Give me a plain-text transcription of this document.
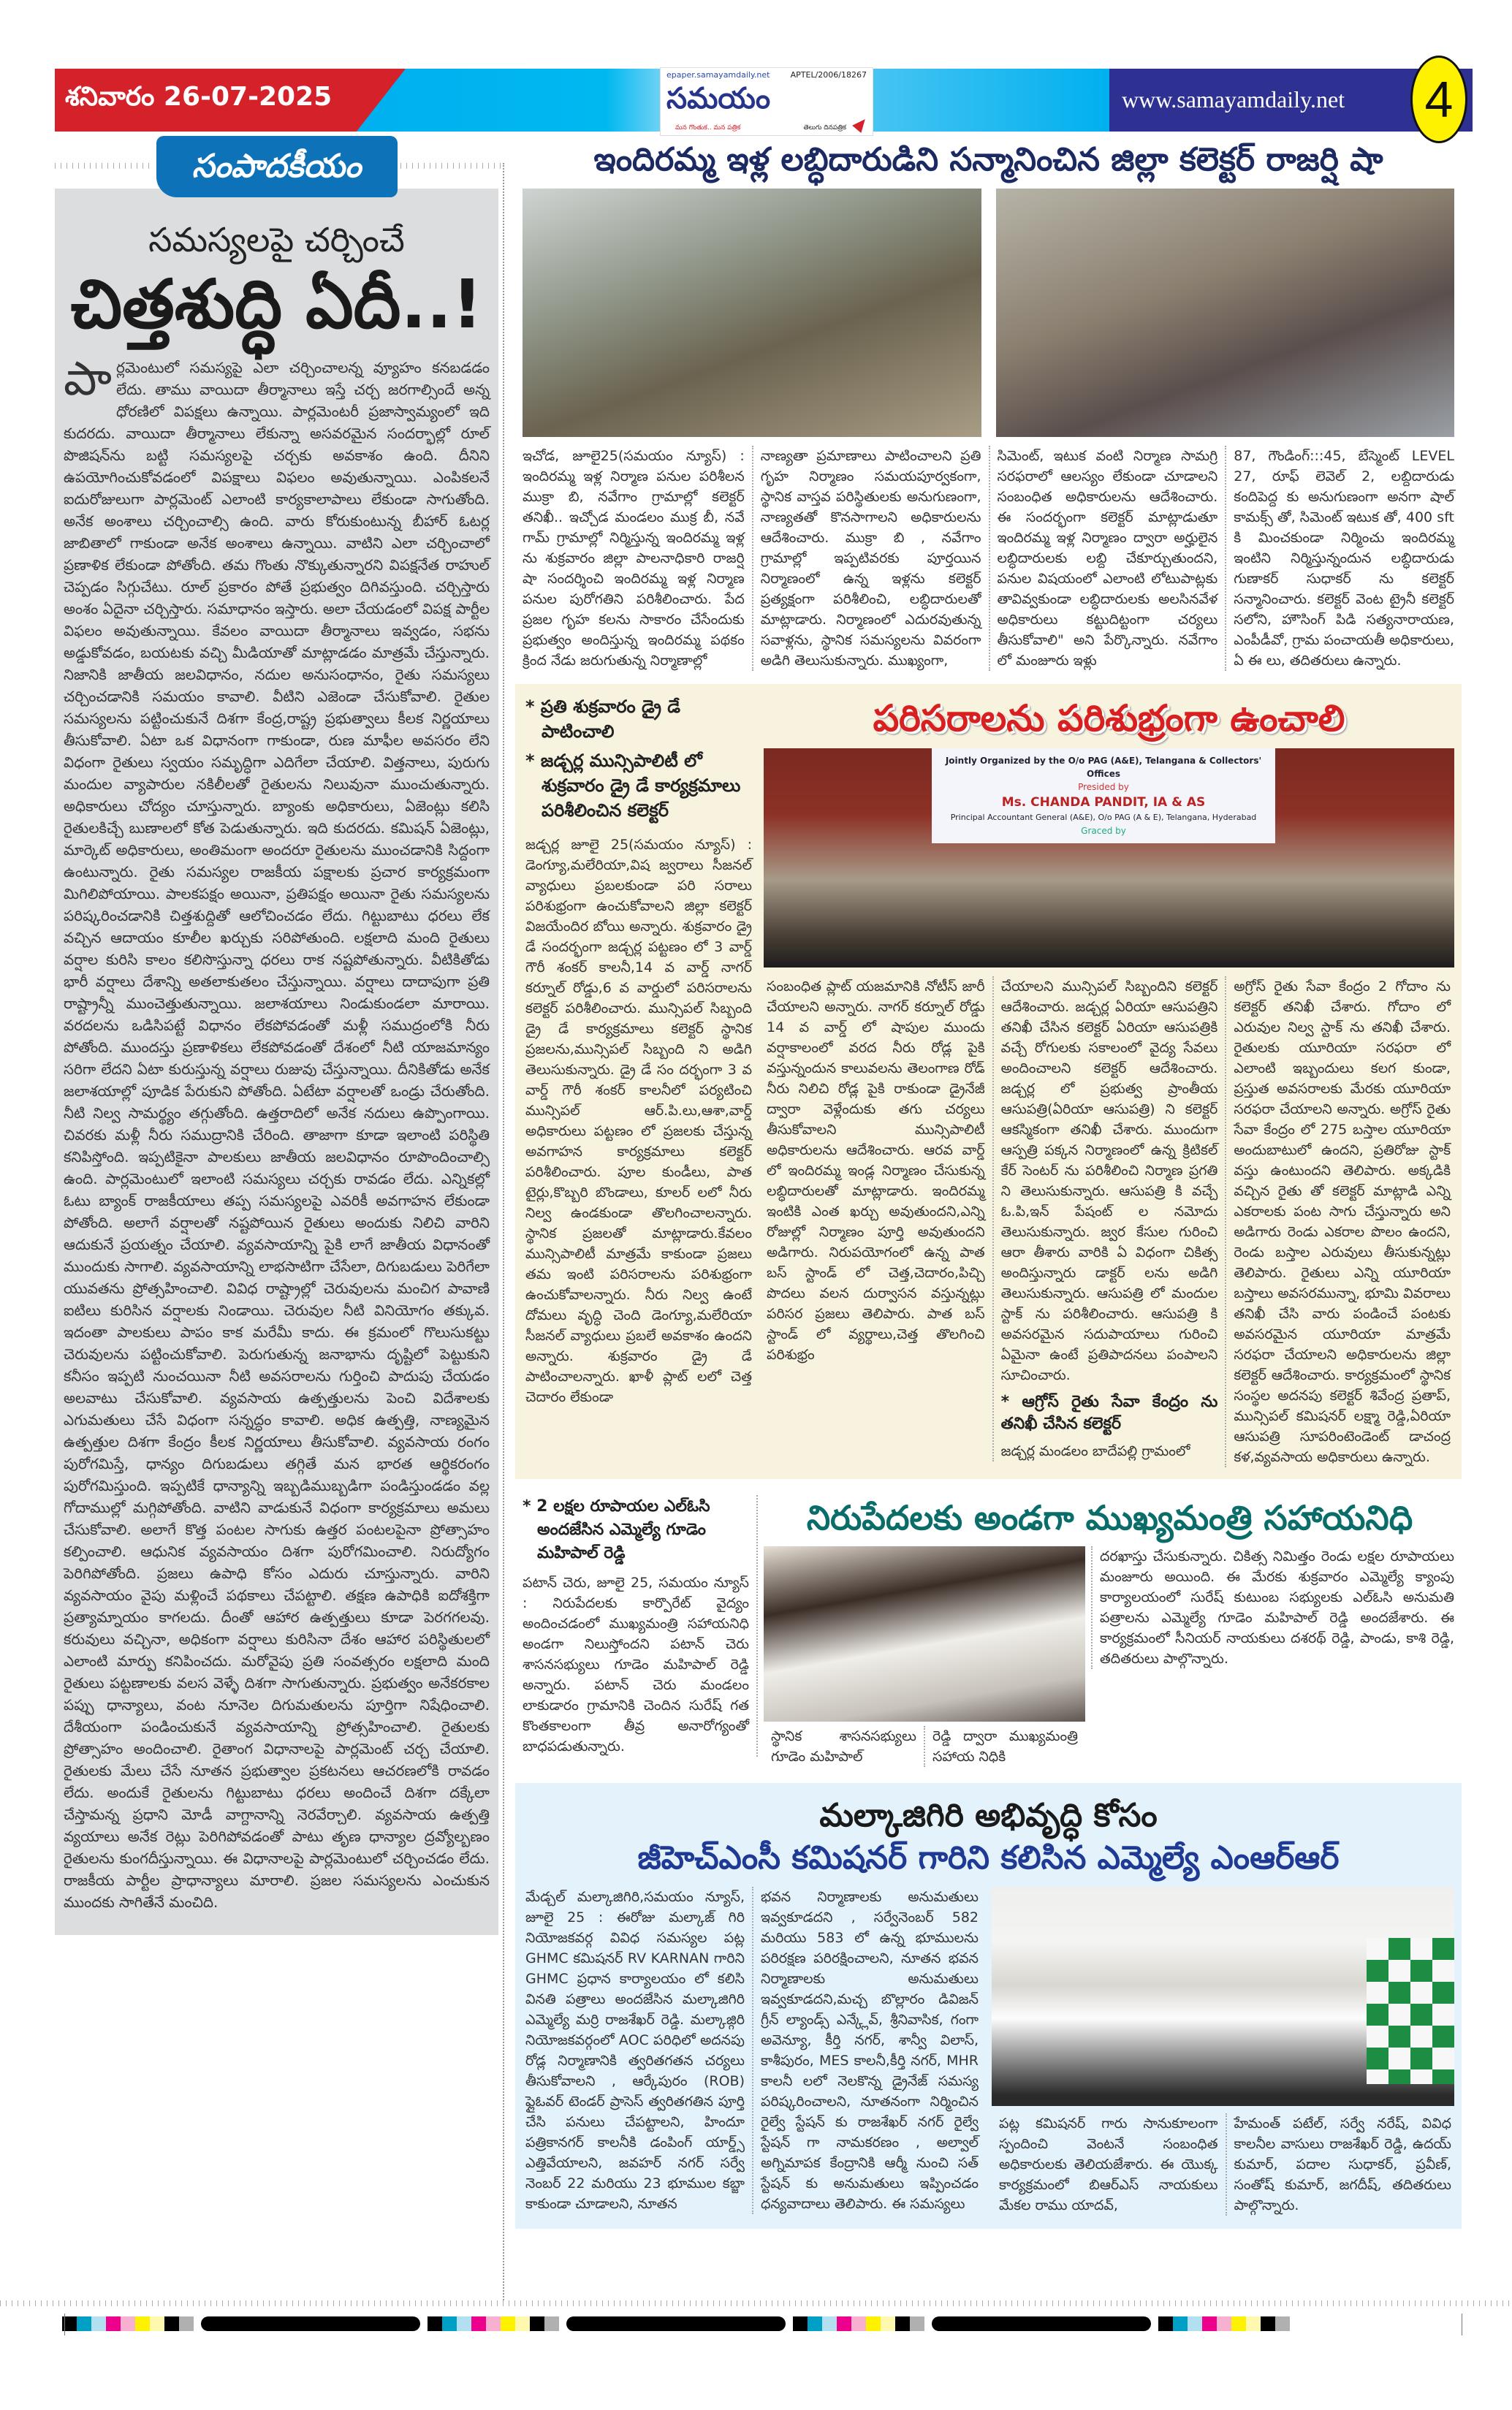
శనివారం 26-07-2025
epaper.samayamdaily.net	APTEL/2006/18267
సమయం
మన గొంతుక.. మన పత్రిక	తెలుగు దినపత్రిక
www.samayamdaily.net 4
సంపాదకీయం
సమస్యలపై చర్చించే
చిత్తశుద్ధి ఏదీ..!
పార్లమెంటులో సమస్యపై ఎలా చర్చించాలన్న వ్యూహం కనబడడం లేదు. తాము వాయిదా తీర్మానాలు ఇస్తే చర్చ జరగాల్సిందే అన్న ధోరణిలో విపక్షలు ఉన్నాయి. పార్లమెంటరీ ప్రజాస్వామ్యంలో ఇది కుదరదు. వాయిదా తీర్మానాలు లేకున్నా అసవరమైన సందర్భాల్లో రూల్ పొజిషన్‌ను బట్టి సమస్యలపై చర్చకు అవకాశం ఉంది. దీనిని ఉపయోగించుకోవడంలో విపక్షాలు విఫలం అవుతున్నాయి. ఎంపికలనే ఐదురోజులుగా పార్లమెంట్ ఎలాంటి కార్యకాలాపాలు లేకుండా సాగుతోంది. అనేక అంశాలు చర్చించాల్సి ఉంది. వారు కోరుకుంటున్న బీహార్ ఓటర్ల జాబితాలో గాకుండా అనేక అంశాలు ఉన్నాయి. వాటిని ఎలా చర్చించాలో ప్రణాళిక లేకుండా పోతోంది. తమ గొంతు నొక్కుతున్నారని విపక్షనేత రాహుల్ చెప్పడం సిగ్గుచేటు. రూల్ ప్రకారం పోతే ప్రభుత్వం దిగివస్తుంది. చర్చిస్తారు అంశం ఏదైనా చర్చిస్తారు. సమాధానం ఇస్తారు. అలా చేయడంలో విపక్ష పార్టీల విఫలం అవుతున్నాయి. కేవలం వాయిదా తీర్మానాలు ఇవ్వడం, సభను అడ్డుకోవడం, బయటకు వచ్చి మీడియాతో మాట్లాడడం మాత్రమే చేస్తున్నారు. నిజానికి జాతీయ జలవిధానం, నదుల అనుసంధానం, రైతు సమస్యలు చర్చించడానికి సమయం కావాలి. వీటిని ఎజెండా చేసుకోవాలి. రైతుల సమస్యలను పట్టించుకునే దిశగా కేంద్ర,రాష్ట్ర ప్రభుత్వాలు కీలక నిర్ణయాలు తీసుకోవాలి. ఏటా ఒక విధానంగా గాకుండా, రుణ మాఫీల అవసరం లేని విధంగా రైతులు స్వయం సమృద్ధిగా ఎదిగేలా చేయాలి. విత్తనాలు, పురుగు మందుల వ్యాపారుల నకిలీలతో రైతులను నిలువునా ముంచుతున్నారు. అధికారులు చోద్యం చూస్తున్నారు. బ్యాంకు అధికారులు, ఏజెంట్లు కలిసి రైతులకిచ్చే బుణాలలో కోత పెడుతున్నారు. ఇది కుదరదు. కమిషన్ ఏజెంట్లు, మార్కెట్ అధికారులు, అంతిమంగా అందరూ రైతులను ముంచడానికి సిద్దంగా ఉంటున్నారు. రైతు సమస్యల రాజకీయ పక్షాలకు ప్రచార కార్యక్రమంగా మిగిలిపోయాయి. పాలకపక్షం అయినా, ప్రతిపక్షం అయినా రైతు సమస్యలను పరిష్కరించడానికి చిత్తశుద్దితో ఆలోచించడం లేదు. గిట్టుబాటు ధరలు లేక వచ్చిన ఆదాయం కూలీల ఖర్చుకు సరిపోతుంది. లక్షలాది మంది రైతులు వర్షాల కురిసి కాలం కలిసొస్తున్నా ధరలు రాక నష్టపోతున్నారు. వీటికితోడు భారీ వర్షాలు దేశాన్ని అతలాకుతలం చేస్తున్నాయి. వర్షాలు దాదాపుగా ప్రతి రాష్ట్రాన్నీ ముంచెత్తుతున్నాయి. జలాశయాలు నిండుకుండలా మారాయి. వరదలను ఒడిసిపట్టే విధానం లేకపోవడంతో మళ్లీ సముద్రంలోకి నీరు పోతోంది. ముందస్తు ప్రణాళికలు లేకపోవడంతో దేశంలో నీటి యాజమాన్యం సరిగా లేదని ఏటా కురుస్తున్న వర్షాలు రుజువు చేస్తున్నాయి. దీనికితోడు అనేక జలాశయాల్లో పూడిక పేరుకుని పోతోంది. ఏటేటా వర్షాలతో ఒండ్రు చేరుతోంది. నీటి నిల్వ సామర్థ్యం తగ్గుతోంది. ఉత్తరాదిలో అనేక నదులు ఉప్పొంగాయి. చివరకు మళ్లీ నీరు సముద్రానికి చేరింది. తాజాగా కూడా ఇలాంటి పరిస్థితి కనిపిస్తోంది. ఇప్పటికైనా పాలకులు జాతీయ జలవిధానం రూపొందించాల్సి ఉంది. పార్లమెంటులో ఇలాంటి సమస్యలు చర్చకు రావడం లేదు. ఎన్నికల్లో ఓటు బ్యాంక్ రాజకీయాలు తప్ప సమస్యలపై ఎవరికీ అవగాహన లేకుండా పోతోంది. అలాగే వర్షాలతో నష్టపోయిన రైతులు అందుకు నిలిచి వారిని ఆదుకునే ప్రయత్నం చేయాలి. వ్యవసాయాన్ని పైకి లాగే జాతీయ విధానంతో ముందుకు సాగాలి. వ్యవసాయాన్ని లాభసాటిగా చేసేలా, దిగుబడులు పెరిగేలా యువతను ప్రోత్సహించాలి. వివిధ రాష్ట్రాల్లో చెరువులను మంచిగ పావాణి ఐటిలు కురిసిన వర్షాలకు నిండాయి. చెరువుల నీటి వినియోగం తక్కువ. ఇదంతా పాలకులు పాపం కాక మరేమీ కాదు. ఈ క్రమంలో గొలుసుకట్టు చెరువులను పట్టించుకోవాలి. పెరుగుతున్న జనాభాను దృష్టిలో పెట్టుకుని కనీసం ఇప్పటి నుంచయినా నీటి అవసరాలను గుర్తించి పాదుపు చేయడం అలవాటు చేసుకోవాలి. వ్యవసాయ ఉత్పత్తులను పెంచి విదేశాలకు ఎగుమతులు చేసే విధంగా సన్నద్ధం కావాలి. అధిక ఉత్పత్తి, నాణ్యమైన ఉత్పత్తుల దిశగా కేంద్రం కీలక నిర్ణయాలు తీసుకోవాలి. వ్యవసాయ రంగం పురోగమిస్తే, ధాన్యం దిగుబడులు తగ్గితే మన భారత ఆర్థికరంగం పురోగమిస్తుంది. ఇప్పటికే ధాన్యాన్ని ఇబ్బడిముబ్బడిగా పండిస్తుండడం వల్ల గోదాముల్లో మగ్గిపోతోంది. వాటిని వాడుకునే విధంగా కార్యక్రమాలు అమలు చేసుకోవాలి. అలాగే కొత్త పంటల సాగుకు ఉత్తర పంటలపైనా ప్రోత్సాహం కల్పించాలి. ఆధునిక వ్యవసాయం దిశగా పురోగమించాలి. నిరుద్యోగం పెరిగిపోతోంది. ప్రజలు ఉపాధి కోసం ఎదురు చూస్తున్నారు. వారిని వ్యవసాయం వైపు మళ్లించే పథకాలు చేపట్టాలి. తక్షణ ఉపాధికి ఐదోశక్తిగా ప్రత్యామ్నాయం కాగలదు. దీంతో ఆహార ఉత్పత్తులు కూడా పెరగగలవు. కరువులు వచ్చినా, అధికంగా వర్షాలు కురిసినా దేశం ఆహార పరిస్థితులలో ఎలాంటి మార్పు కనిపించదు. మరోవైపు ప్రతి సంవత్సరం లక్షలాది మంది రైతులు పట్టణాలకు వలస వెళ్ళే దిశగా సాగుతున్నారు. ప్రభుత్వం అనేకరకాల పప్పు ధాన్యాలు, వంట నూనెల దిగుమతులను పూర్తిగా నిషేధించాలి. దేశీయంగా పండించుకునే వ్యవసాయాన్ని ప్రోత్సహించాలి. రైతులకు ప్రోత్సాహం అందించాలి. రైతాంగ విధానాలపై పార్లమెంట్ చర్చ చేయాలి. రైతులకు మేలు చేసే నూతన ప్రభుత్వాల ప్రకటనలు ఆచరణలోకి రావడం లేదు. అందుకే రైతులను గిట్టుబాటు ధరలు అందించే దిశగా దక్కేలా చేస్తామన్న ప్రధాని మోడీ వాగ్దానాన్ని నెరవేర్చాలి. వ్యవసాయ ఉత్పత్తి వ్యయాలు అనేక రెట్లు పెరిగిపోవడంతో పాటు తృణ ధాన్యాల ద్రవ్యోల్బణం రైతులను కుంగదీస్తున్నాయి. ఈ విధానాలపై పార్లమెంటులో చర్చించడం లేదు. రాజకీయ పార్టీల ప్రాధాన్యాలు మారాలి. ప్రజల సమస్యలను ఎంచుకున ముందకు సాగితేనే మంచిది.
ఇందిరమ్మ ఇళ్ల లబ్ధిదారుడిని సన్మానించిన జిల్లా కలెక్టర్ రాజర్షి షా
ఇచోడ, జూలై25(సమయం న్యూస్) : ఇందిరమ్మ ఇళ్ల నిర్మాణ పనుల పరిశీలన ముక్రా బి, నవేగాం గ్రామాల్లో కలెక్టర్ తనిఖీ.. ఇచ్చోడ మండలం ముక్ర బీ, నవే గామ్ గ్రామాల్లో నిర్మిస్తున్న ఇందిరమ్మ ఇళ్ల ను శుక్రవారం జిల్లా పాలనాధికారి రాజర్షి షా సందర్శించి ఇందిరమ్మ ఇళ్ల నిర్మాణ పనుల పురోగతిని పరిశీలించారు. పేద ప్రజల గృహ కలను సాకారం చేసేందుకు ప్రభుత్వం అందిస్తున్న ఇందిరమ్మ పథకం క్రింద నేడు జరుగుతున్న నిర్మాణాల్లో
నాణ్యతా ప్రమాణాలు పాటించాలని ప్రతి గృహ నిర్మాణం సమయపూర్వకంగా, స్థానిక వాస్తవ పరిస్థితులకు అనుగుణంగా, నాణ్యతతో కొనసాగాలని అధికారులను ఆదేశించారు. ముక్రా బి , నవేగాం గ్రామాల్లో ఇప్పటివరకు పూర్తయిన నిర్మాణంలో ఉన్న ఇళ్లను కలెక్టర్ ప్రత్యక్షంగా పరిశీలించి, లబ్ధిదారులతో మాట్లాడారు. నిర్మాణంలో ఎదురవుతున్న సవాళ్లను, స్థానిక సమస్యలను వివరంగా అడిగి తెలుసుకున్నారు. ముఖ్యంగా,
సిమెంట్, ఇటుక వంటి నిర్మాణ సామగ్రి సరఫరాలో ఆలస్యం లేకుండా చూడాలని సంబంధిత అధికారులను ఆదేశించారు. ఈ సందర్భంగా కలెక్టర్ మాట్లాడుతూ ఇందిరమ్మ ఇళ్ల నిర్మాణం ద్వారా అర్హులైన లబ్ధిదారులకు లబ్ది చేకూర్చుతుందని, పనుల విషయంలో ఎలాంటి లోటుపాట్లకు తావివ్వకుండా లబ్ధిదారులకు అలసినవేళ అధికారులు కట్టుదిట్టంగా చర్యలు తీసుకోవాలి" అని పేర్కొన్నారు. నవేగాం లో మంజూరు ఇళ్లు
87, గౌండింగ్:::45, బేస్మెంట్ LEVEL 27, రూఫ్ లెవెల్ 2, లబ్దిదారుడు కందిపెద్ద కు అనుగుణంగా అనగా షాల్ కామక్స్ తో, సిమెంట్ ఇటుక తో, 400 sft కి మించకుండా నిర్మించు ఇందిరమ్మ ఇంటిని నిర్మిస్తున్నందున లబ్ధిదారుడు గుణాకర్ సుధాకర్ ను కలెక్టర్ సన్మానించారు. కలెక్టర్ వెంట ట్రైనీ కలెక్టర్ సలోని, హౌసింగ్ పిడి సత్యనారాయణ, ఎంపీడీవో, గ్రామ పంచాయతీ అధికారులు, ఏ ఈ లు, తదితరులు ఉన్నారు.
* ప్రతి శుక్రవారం డ్రై డే పాటించాలి
* జడ్చర్ల మున్సిపాలిటీ లో శుక్రవారం డ్రై డే కార్యక్రమాలు పరిశీలించిన కలెక్టర్
జడ్చర్ల జూలై 25(సమయం న్యూస్) : డెంగ్యూ,మలేరియా,విష జ్వరాలు సీజనల్ వ్యాధులు ప్రబలకుండా పరి సరాలు పరిశుభ్రంగా ఉంచుకోవాలని జిల్లా కలెక్టర్ విజయేందిర బోయి అన్నారు. శుక్రవారం డ్రై డే సందర్భంగా జడ్చర్ల పట్టణం లో 3 వార్డ్ గౌరీ శంకర్ కాలనీ,14 వ వార్డ్ నాగర్ కర్నూల్ రోడ్డు,6 వ వార్డులో పరిసరాలను కలెక్టర్ పరిశీలించారు. మున్సిపల్ సిబ్బంది డ్రై డే కార్యక్రమాలు కలెక్టర్ స్థానిక ప్రజలను,మున్సిపల్ సిబ్బంది ని అడిగి తెలుసుకున్నారు. డ్రై డే సం దర్భంగా 3 వ వార్డ్ గౌరీ శంకర్ కాలనీలో పర్యటించి మున్సిపల్ ఆర్.పి.లు,ఆశా,వార్డ్ అధికారులు పట్టణం లో ప్రజలకు చేస్తున్న అవగాహన కార్యక్రమాలు కలెక్టర్ పరిశీలించారు. పూల కుండీలు, పాత టైర్లు,కొబ్బరి బొండాలు, కూలర్ లలో నీరు నిల్వ ఉండకుండా తొలగించాలన్నారు. స్థానిక ప్రజలతో మాట్లాడారు.కేవలం మున్సిపాలిటీ మాత్రమే కాకుండా ప్రజలు తమ ఇంటి పరిసరాలను పరిశుభ్రంగా ఉంచుకోవాలన్నారు. నీరు నిల్వ ఉంటే దోమలు వృద్ధి చెంది డెంగ్యూ,మలేరియా సీజనల్ వ్యాధులు ప్రబలే అవకాశం ఉందని అన్నారు. శుక్రవారం డ్రై డే పాటించాలన్నారు. ఖాళీ ప్లాట్ లలో చెత్త చెదారం లేకుండా
పరిసరాలను పరిశుభ్రంగా ఉంచాలి
Jointly Organized by the O/o PAG (A&E), Telangana & Collectors' Offices
Presided by
Ms. CHANDA PANDIT, IA & AS
Principal Accountant General (A&E), O/o PAG (A & E), Telangana, Hyderabad
Graced by
సంబంధిత ప్లాట్ యజమానికి నోటీస్ జారీ చేయాలని అన్నారు. నాగర్ కర్నూల్ రోడ్డు 14 వ వార్డ్ లో షాపుల ముందు వర్షాకాలంలో వరద నీరు రోడ్ల పైకి వస్తున్నందున కాలువలను తెలంగాణ రోడ్ నీరు నిలిచి రోడ్ల పైకి రాకుండా డ్రైనేజీ ద్వారా వెళ్లేందుకు తగు చర్యలు తీసుకోవాలని మున్సిపాలిటీ అధికారులను ఆదేశించారు. ఆరవ వార్డ్ లో ఇందిరమ్మ ఇండ్ల నిర్మాణం చేసుకున్న లబ్ధిదారులతో మాట్లాడారు. ఇందిరమ్మ ఇంటికి ఎంత ఖర్చు అవుతుందని,ఎన్ని రోజుల్లో నిర్మాణం పూర్తి అవుతుందని అడిగారు. నిరుపయోగంలో ఉన్న పాత బస్ స్టాండ్ లో చెత్త,చెదారం,పిచ్చి పొదలు వలన దుర్వాసన వస్తున్నట్లు పరిసర ప్రజలు తెలిపారు. పాత బస్ స్టాండ్ లో వ్యర్థాలు,చెత్త తొలగించి పరిశుభ్రం
చేయాలని మున్సిపల్ సిబ్బందిని కలెక్టర్ ఆదేశించారు. జడ్చర్ల ఏరియా ఆసుపత్రిని తనిఖీ చేసిన కలెక్టర్ ఏరియా ఆసుపత్రికి వచ్చే రోగులకు సకాలంలో వైద్య సేవలు అందించాలని కలెక్టర్ ఆదేశించారు. జడ్చర్ల లో ప్రభుత్వ ప్రాంతీయ ఆసుపత్రి(ఏరియా ఆసుపత్రి) ని కలెక్టర్ ఆకస్మికంగా తనిఖీ చేశారు. ముందుగా ఆస్పత్రి పక్కన నిర్మాణంలో ఉన్న క్రిటికల్ కేర్ సెంటర్ ను పరిశీలించి నిర్మాణ ప్రగతి ని తెలుసుకున్నారు. ఆసుపత్రి కి వచ్చే ఓ.పి,ఇన్ పేషంట్ ల నమోదు తెలుసుకున్నారు. జ్వర కేసుల గురించి ఆరా తీశారు వారికి ఏ విధంగా చికిత్స అందిస్తున్నారు డాక్టర్ లను అడిగి తెలుసుకున్నారు. ఆసుపత్రి లో మందుల స్టాక్ ను పరిశీలించారు. ఆసుపత్రి కి అవసరమైన సదుపాయాలు గురించి ఏమైనా ఉంటే ప్రతిపాదనలు పంపాలని సూచించారు.
* ఆగ్రోస్ రైతు సేవా కేంద్రం ను తనిఖీ చేసిన కలెక్టర్
జడ్చర్ల మండలం బాదేపల్లి గ్రామంలో
అగ్రోస్ రైతు సేవా కేంద్రం 2 గోదాం ను కలెక్టర్ తనిఖీ చేశారు. గోదాం లో ఎరువుల నిల్వ స్టాక్ ను తనిఖీ చేశారు. రైతులకు యూరియా సరఫరా లో ఎలాంటి ఇబ్బందులు కలగ కుండా, ప్రస్తుత అవసరాలకు మేరకు యూరియా సరఫరా చేయాలని అన్నారు. అగ్రోస్ రైతు సేవా కేంద్రం లో 275 బస్తాల యూరియా అందుబాటులో ఉందని, ప్రతిరోజు స్టాక్ వస్తు ఉంటుందని తెలిపారు. అక్కడికి వచ్చిన రైతు తో కలెక్టర్ మాట్లాడి ఎన్ని ఎకరాలకు పంట సాగు చేస్తున్నారు అని అడిగారు రెండు ఎకరాల పొలం ఉందని, రెండు బస్తాల ఎరువులు తీసుకున్నట్లు తెలిపారు. రైతులు ఎన్ని యూరియా బస్తాలు అవసరమున్నా, భూమి వివరాలు తనిఖీ చేసి వారు పండించే పంటకు అవసరమైన యూరియా మాత్రమే సరఫరా చేయాలని అధికారులను జిల్లా కలెక్టర్ ఆదేశించారు. కార్యక్రమంలో స్థానిక సంస్థల అదనపు కలెక్టర్ శివేంద్ర ప్రతాప్, మున్సిపల్ కమిషనర్ లక్ష్మా రెడ్డి,ఏరియా ఆసుపత్రి సూపరింటెండెంట్ డాచంద్ర కళ,వ్యవసాయ అధికారులు ఉన్నారు.
* 2 లక్షల రూపాయల ఎల్‌ఓసి అందజేసిన ఎమ్మెల్యే గూడెం మహిపాల్ రెడ్డి
పటాన్ చెరు, జూలై 25, సమయం న్యూస్ : నిరుపేదలకు కార్పొరేట్ వైద్యం అందించడంలో ముఖ్యమంత్రి సహాయనిధి అండగా నిలుస్తోందని పటాన్ చెరు శాసనసభ్యులు గూడెం మహిపాల్ రెడ్డి అన్నారు. పటాన్ చెరు మండలం లాకుడారం గ్రామానికి చెందిన సురేష్ గత కొంతకాలంగా తీవ్ర అనారోగ్యంతో బాధపడుతున్నారు.
నిరుపేదలకు అండగా ముఖ్యమంత్రి సహాయనిధి
స్థానిక శాసనసభ్యులు గూడెం మహిపాల్
రెడ్డి ద్వారా ముఖ్యమంత్రి సహాయ నిధికి
దరఖాస్తు చేసుకున్నారు. చికిత్స నిమిత్తం రెండు లక్షల రూపాయలు మంజూరు అయింది. ఈ మేరకు శుక్రవారం ఎమ్మెల్యే క్యాంపు కార్యాలయంలో సురేష్ కుటుంబ సభ్యులకు ఎల్ఓసి అనుమతి పత్రాలను ఎమ్మెల్యే గూడెం మహిపాల్ రెడ్డి అందజేశారు. ఈ కార్యక్రమంలో సీనియర్ నాయకులు దశరథ్ రెడ్డి, పాండు, కాశి రెడ్డి, తదితరులు పాల్గొన్నారు.
మల్కాజిగిరి అభివృద్ధి కోసం
జీహెచ్ఎంసీ కమిషనర్ గారిని కలిసిన ఎమ్మెల్యే ఎంఆర్ఆర్
మేడ్చల్ మల్కాజిగిరి,సమయం న్యూస్, జూలై 25 : ఈరోజు మల్కాజ్ గిరి నియోజకవర్గ వివిధ సమస్యల పట్ల GHMC కమిషనర్ RV KARNAN గారిని GHMC ప్రధాన కార్యాలయం లో కలిసి వినతి పత్రాలు అందజేసిన మల్కాజిగిరి ఎమ్మెల్యే మర్రి రాజశేఖర్ రెడ్డి. మల్కాజ్గిరి నియోజకవర్గంలో AOC పరిధిలో అదనపు రోడ్ల నిర్మాణానికి త్వరితగతన చర్యలు తీసుకోవాలని , ఆర్కేపురం (ROB) ఫ్లైఓవర్ టెండర్ ప్రాసెస్ త్వరితగతిన పూర్తి చేసి పనులు చేపట్టాలని, హిందూ పత్రికానగర్ కాలనీకి డంపింగ్ యార్డ్స్ ఎత్తివేయాలని, జవహర్ నగర్ సర్వే నెంబర్ 22 మరియు 23 భూముల కబ్జా కాకుండా చూడాలని, నూతన
భవన నిర్మాణాలకు అనుమతులు ఇవ్వకూడదని , సర్వేనెంబర్ 582 మరియు 583 లో ఉన్న భూములను పరిరక్షణ పరిరక్షించాలని, నూతన భవన నిర్మాణాలకు అనుమతులు ఇవ్వకూడదని,మచ్చ బొల్లారం డివిజన్ గ్రీన్ ల్యాండ్స్ ఎన్క్లేవ్, శ్రీనివాసిక, గంగా అవెన్యూ, కీర్తి నగర్, శాన్వీ విలాస్, కాశీపురం, MES కాలనీ,కీర్తి నగర్, MHR కాలనీ లలో నెలకొన్న డ్రైనేజ్ సమస్య పరిష్కరించాలని, నూతనంగా నిర్మించిన రైల్వే స్టేషన్ కు రాజశేఖర్ నగర్ రైల్వే స్టేషన్ గా నామకరణం , అల్వాల్ అగ్నిమాపక కేంద్రానికి ఆర్మీ నుంచి సత్ స్టేషన్ కు అనుమతులు ఇప్పించడం ధన్యవాదాలు తెలిపారు. ఈ సమస్యలు
పట్ల కమిషనర్ గారు సానుకూలంగా స్పందించి వెంటనే సంబంధిత అధికారులకు తెలియజేశారు. ఈ యొక్క కార్యక్రమంలో బిఆర్ఎస్ నాయకులు మేకల రాము యాదవ్,
హేమంత్ పటేల్, సర్వే నరేష్, వివిధ కాలనీల వాసులు రాజశేఖర్ రెడ్డి, ఉదయ్ కుమార్, పదాల సుధాకర్, ప్రవీణ్, సంతోష్ కుమార్, జగదీష్, తదితరులు పాల్గొన్నారు.
